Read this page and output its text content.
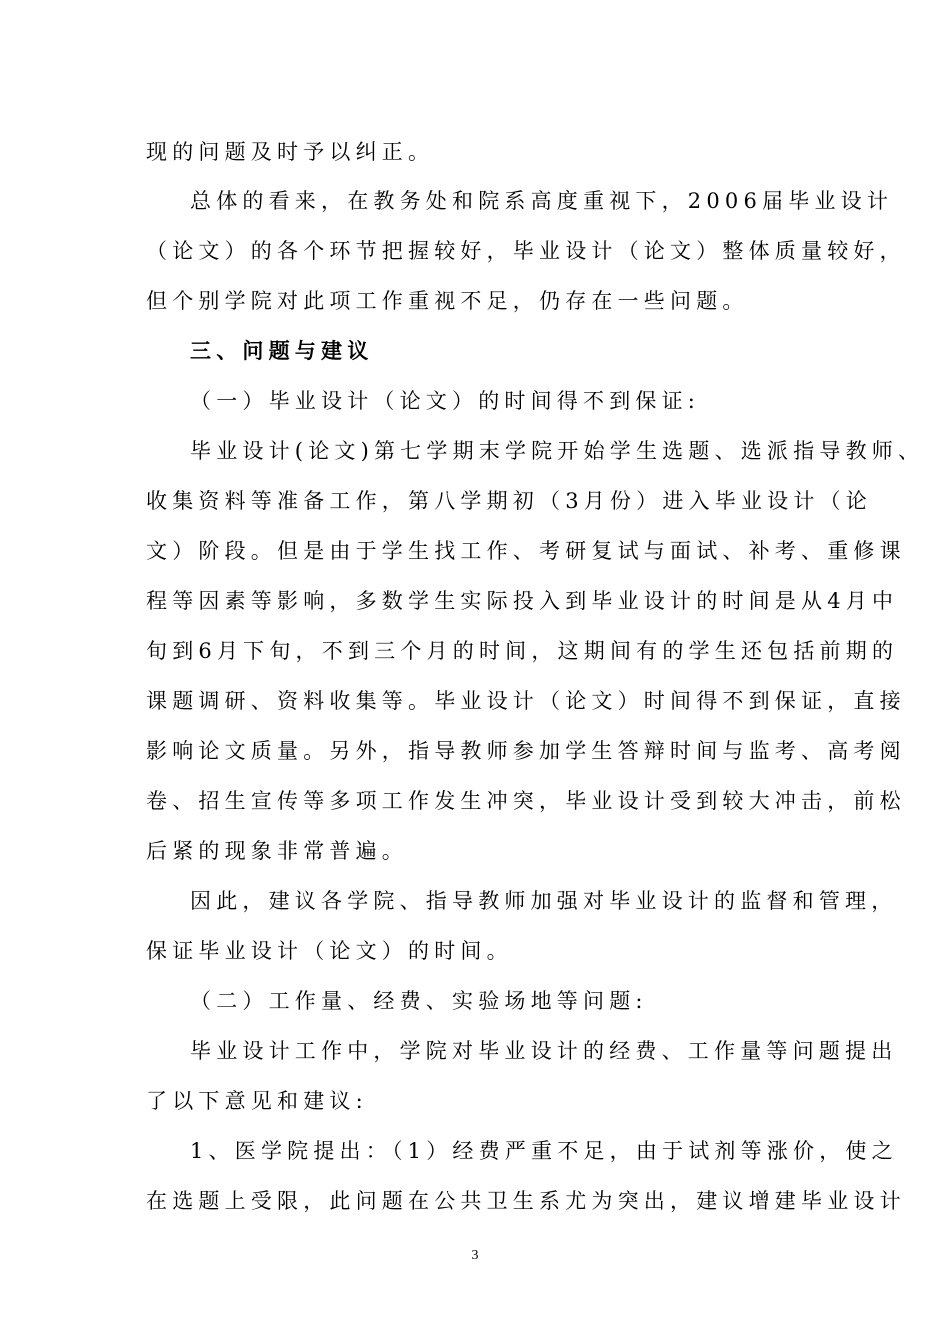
现的问题及时予以纠正。
总体的看来，在教务处和院系高度重视下，2006届毕业设计
（论文）的各个环节把握较好，毕业设计（论文）整体质量较好，
但个别学院对此项工作重视不足，仍存在一些问题。
三、问题与建议
（一）毕业设计（论文）的时间得不到保证:
毕业设计(论文)第七学期末学院开始学生选题、选派指导教师、
收集资料等准备工作，第八学期初（3月份）进入毕业设计（论
文）阶段。但是由于学生找工作、考研复试与面试、补考、重修课
程等因素等影响，多数学生实际投入到毕业设计的时间是从4月中
旬到6月下旬，不到三个月的时间，这期间有的学生还包括前期的
课题调研、资料收集等。毕业设计（论文）时间得不到保证，直接
影响论文质量。另外，指导教师参加学生答辩时间与监考、高考阅
卷、招生宣传等多项工作发生冲突，毕业设计受到较大冲击，前松
后紧的现象非常普遍。
因此，建议各学院、指导教师加强对毕业设计的监督和管理，
保证毕业设计（论文）的时间。
（二）工作量、经费、实验场地等问题:
毕业设计工作中，学院对毕业设计的经费、工作量等问题提出
了以下意见和建议:
1、医学院提出：（1）经费严重不足，由于试剂等涨价，使之
在选题上受限，此问题在公共卫生系尤为突出，建议增建毕业设计
3
